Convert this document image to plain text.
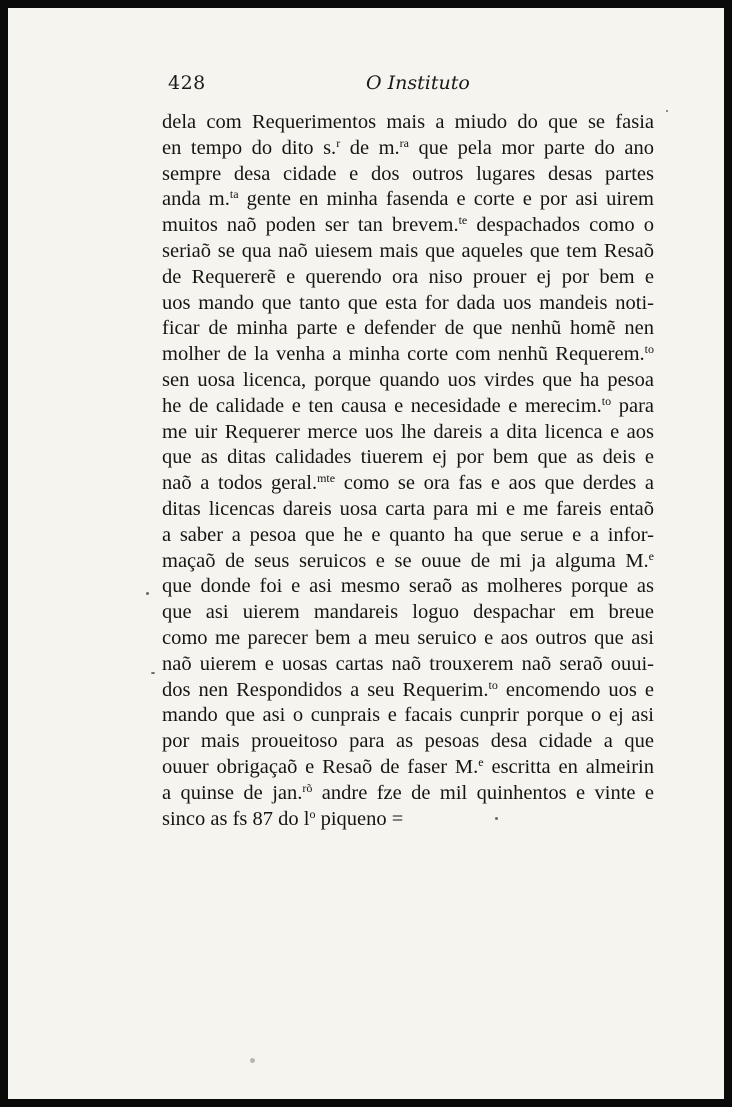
428	O Instituto
dela com Requerimentos mais a miudo do que se fasia
en tempo do dito s.$^r$ de m.$^{ra}$ que pela mor parte do ano
sempre desa cidade e dos outros lugares desas partes
anda m.$^{ta}$ gente en minha fasenda e corte e por asi uirem
muitos naõ poden ser tan brevem.$^{te}$ despachados como o
seriaõ se qua naõ uiesem mais que aqueles que tem Resaõ
de Requererẽ e querendo ora niso prouer ej por bem e
uos mando que tanto que esta for dada uos mandeis noti-
ficar de minha parte e defender de que nenhũ homẽ nen
molher de la venha a minha corte com nenhũ Requerem.$^{to}$
sen uosa licenca, porque quando uos virdes que ha pesoa
he de calidade e ten causa e necesidade e merecim.$^{to}$ para
me uir Requerer merce uos lhe dareis a dita licenca e aos
que as ditas calidades tiuerem ej por bem que as deis e
naõ a todos geral.$^{mte}$ como se ora fas e aos que derdes a
ditas licencas dareis uosa carta para mi e me fareis entaõ
a saber a pesoa que he e quanto ha que serue e a infor-
maçaõ de seus seruicos e se ouue de mi ja alguma M.$^e$
que donde foi e asi mesmo seraõ as molheres porque as
que asi uierem mandareis loguo despachar em breue
como me parecer bem a meu seruico e aos outros que asi
naõ uierem e uosas cartas naõ trouxerem naõ seraõ ouui-
dos nen Respondidos a seu Requerim.$^{to}$ encomendo uos e
mando que asi o cunprais e facais cunprir porque o ej asi
por mais proueitoso para as pesoas desa cidade a que
ouuer obrigaçaõ e Resaõ de faser M.$^e$ escritta en almeirin
a quinse de jan.$^{rõ}$ andre fze de mil quinhentos e vinte e
sinco as fs 87 do $l^o$ piqueno =
